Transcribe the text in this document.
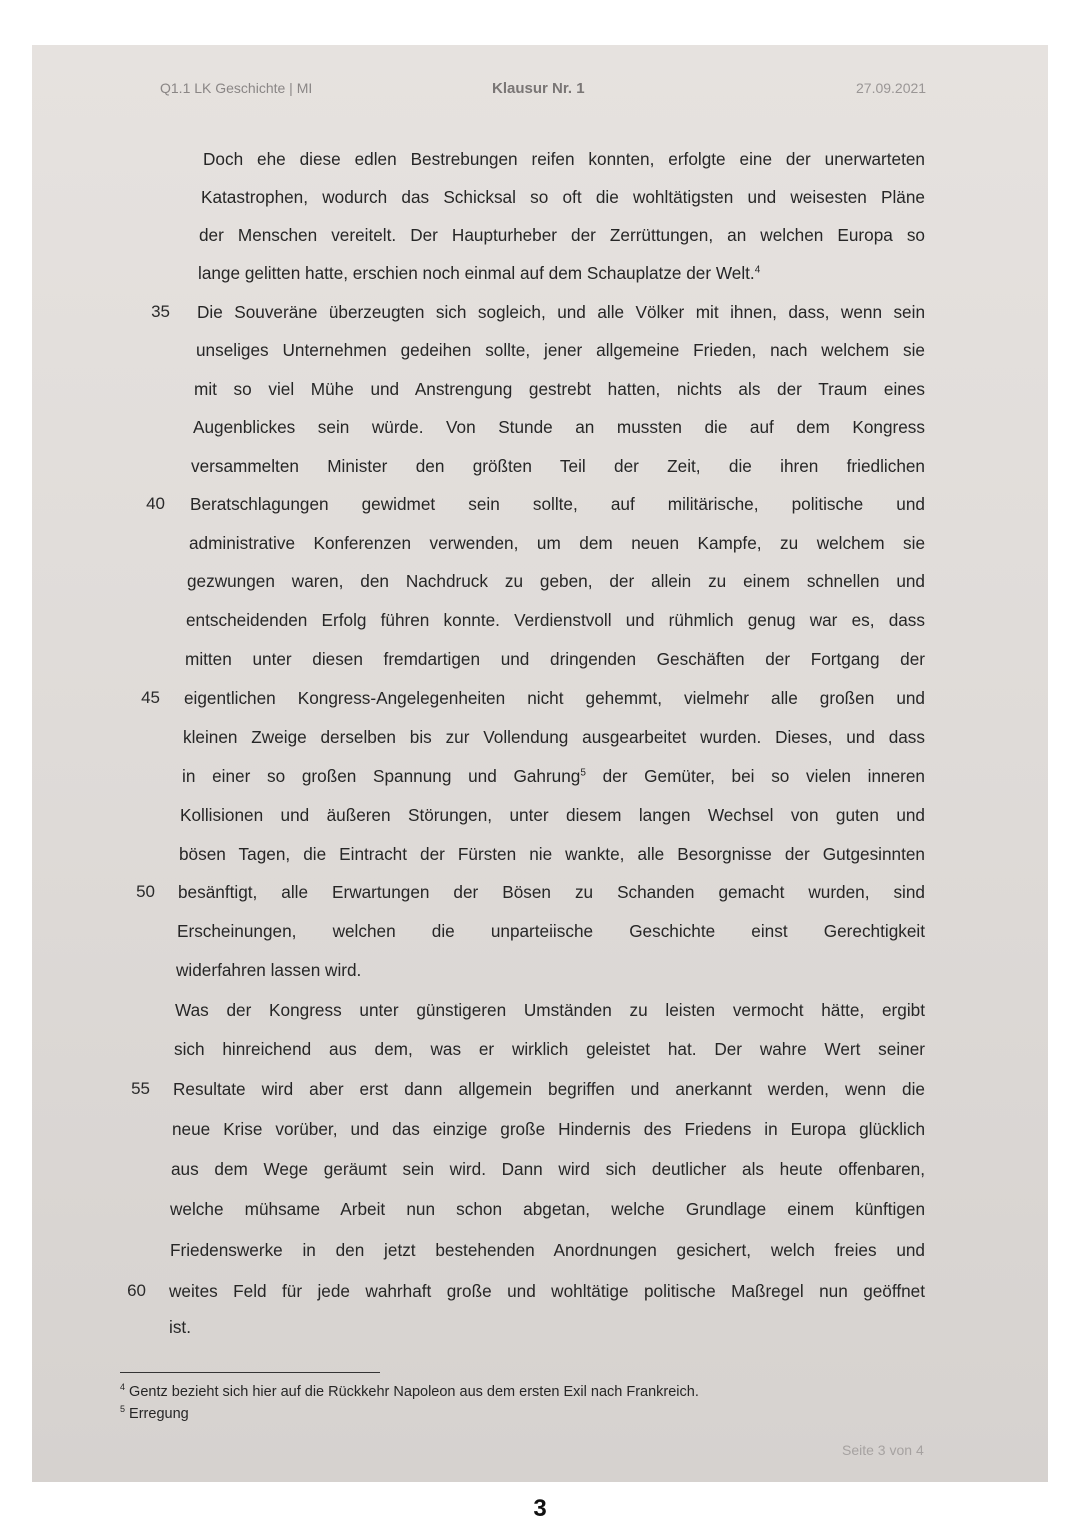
Q1.1 LK Geschichte | MI	Klausur Nr. 1	27.09.2021
Doch ehe diese edlen Bestrebungen reifen konnten, erfolgte eine der unerwarteten
Katastrophen, wodurch das Schicksal so oft die wohltätigsten und weisesten Pläne
der Menschen vereitelt. Der Haupturheber der Zerrüttungen, an welchen Europa so
lange gelitten hatte, erschien noch einmal auf dem Schauplatze der Welt.$^4$
35 Die Souveräne überzeugten sich sogleich, und alle Völker mit ihnen, dass, wenn sein
unseliges Unternehmen gedeihen sollte, jener allgemeine Frieden, nach welchem sie
mit so viel Mühe und Anstrengung gestrebt hatten, nichts als der Traum eines
Augenblickes sein würde. Von Stunde an mussten die auf dem Kongress
versammelten Minister den größten Teil der Zeit, die ihren friedlichen
40 Beratschlagungen gewidmet sein sollte, auf militärische, politische und
administrative Konferenzen verwenden, um dem neuen Kampfe, zu welchem sie
gezwungen waren, den Nachdruck zu geben, der allein zu einem schnellen und
entscheidenden Erfolg führen konnte. Verdienstvoll und rühmlich genug war es, dass
mitten unter diesen fremdartigen und dringenden Geschäften der Fortgang der
45 eigentlichen Kongress-Angelegenheiten nicht gehemmt, vielmehr alle großen und
kleinen Zweige derselben bis zur Vollendung ausgearbeitet wurden. Dieses, und dass
in einer so großen Spannung und Gahrung$^5$ der Gemüter, bei so vielen inneren
Kollisionen und äußeren Störungen, unter diesem langen Wechsel von guten und
bösen Tagen, die Eintracht der Fürsten nie wankte, alle Besorgnisse der Gutgesinnten
50 besänftigt, alle Erwartungen der Bösen zu Schanden gemacht wurden, sind
Erscheinungen, welchen die unparteiische Geschichte einst Gerechtigkeit
widerfahren lassen wird.
Was der Kongress unter günstigeren Umständen zu leisten vermocht hätte, ergibt
sich hinreichend aus dem, was er wirklich geleistet hat. Der wahre Wert seiner
55 Resultate wird aber erst dann allgemein begriffen und anerkannt werden, wenn die
neue Krise vorüber, und das einzige große Hindernis des Friedens in Europa glücklich
aus dem Wege geräumt sein wird. Dann wird sich deutlicher als heute offenbaren,
welche mühsame Arbeit nun schon abgetan, welche Grundlage einem künftigen
Friedenswerke in den jetzt bestehenden Anordnungen gesichert, welch freies und
60 weites Feld für jede wahrhaft große und wohltätige politische Maßregel nun geöffnet
ist.
$^4$ Gentz bezieht sich hier auf die Rückkehr Napoleon aus dem ersten Exil nach Frankreich.
$^5$ Erregung
Seite 3 von 4
3
